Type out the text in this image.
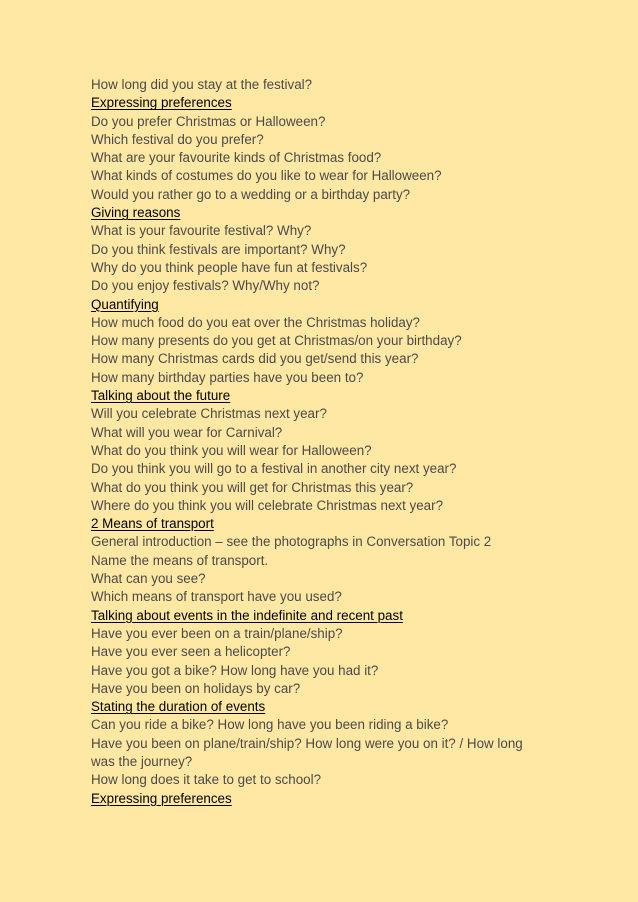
How long did you stay at the festival?
Expressing preferences
Do you prefer Christmas or Halloween?
Which festival do you prefer?
What are your favourite kinds of Christmas food?
What kinds of costumes do you like to wear for Halloween?
Would you rather go to a wedding or a birthday party?
Giving reasons
What is your favourite festival? Why?
Do you think festivals are important? Why?
Why do you think people have fun at festivals?
Do you enjoy festivals? Why/Why not?
Quantifying
How much food do you eat over the Christmas holiday?
How many presents do you get at Christmas/on your birthday?
How many Christmas cards did you get/send this year?
How many birthday parties have you been to?
Talking about the future
Will you celebrate Christmas next year?
What will you wear for Carnival?
What do you think you will wear for Halloween?
Do you think you will go to a festival in another city next year?
What do you think you will get for Christmas this year?
Where do you think you will celebrate Christmas next year?
2 Means of transport
General introduction – see the photographs in Conversation Topic 2
Name the means of transport.
What can you see?
Which means of transport have you used?
Talking about events in the indefinite and recent past
Have you ever been on a train/plane/ship?
Have you ever seen a helicopter?
Have you got a bike? How long have you had it?
Have you been on holidays by car?
Stating the duration of events
Can you ride a bike? How long have you been riding a bike?
Have you been on plane/train/ship? How long were you on it? / How long
was the journey?
How long does it take to get to school?
Expressing preferences
